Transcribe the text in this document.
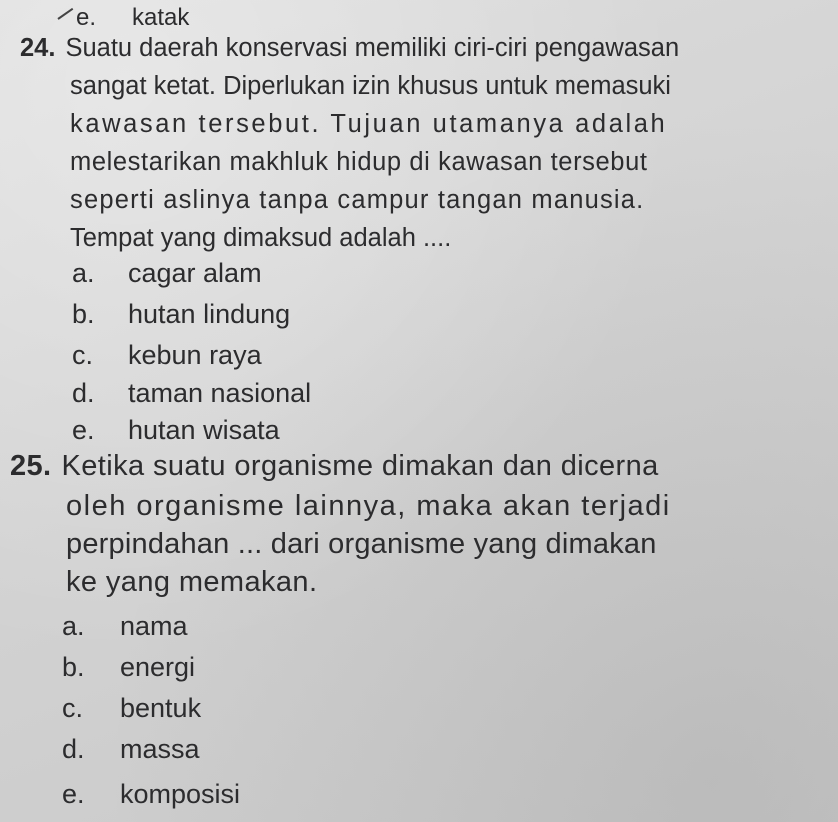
e. katak
24. Suatu daerah konservasi memiliki ciri-ciri pengawasan
sangat ketat. Diperlukan izin khusus untuk memasuki
kawasan tersebut. Tujuan utamanya adalah
melestarikan makhluk hidup di kawasan tersebut
seperti aslinya tanpa campur tangan manusia.
Tempat yang dimaksud adalah ....
a. cagar alam
b. hutan lindung
c. kebun raya
d. taman nasional
e. hutan wisata
25. Ketika suatu organisme dimakan dan dicerna
oleh organisme lainnya, maka akan terjadi
perpindahan ... dari organisme yang dimakan
ke yang memakan.
a. nama
b. energi
c. bentuk
d. massa
e. komposisi
